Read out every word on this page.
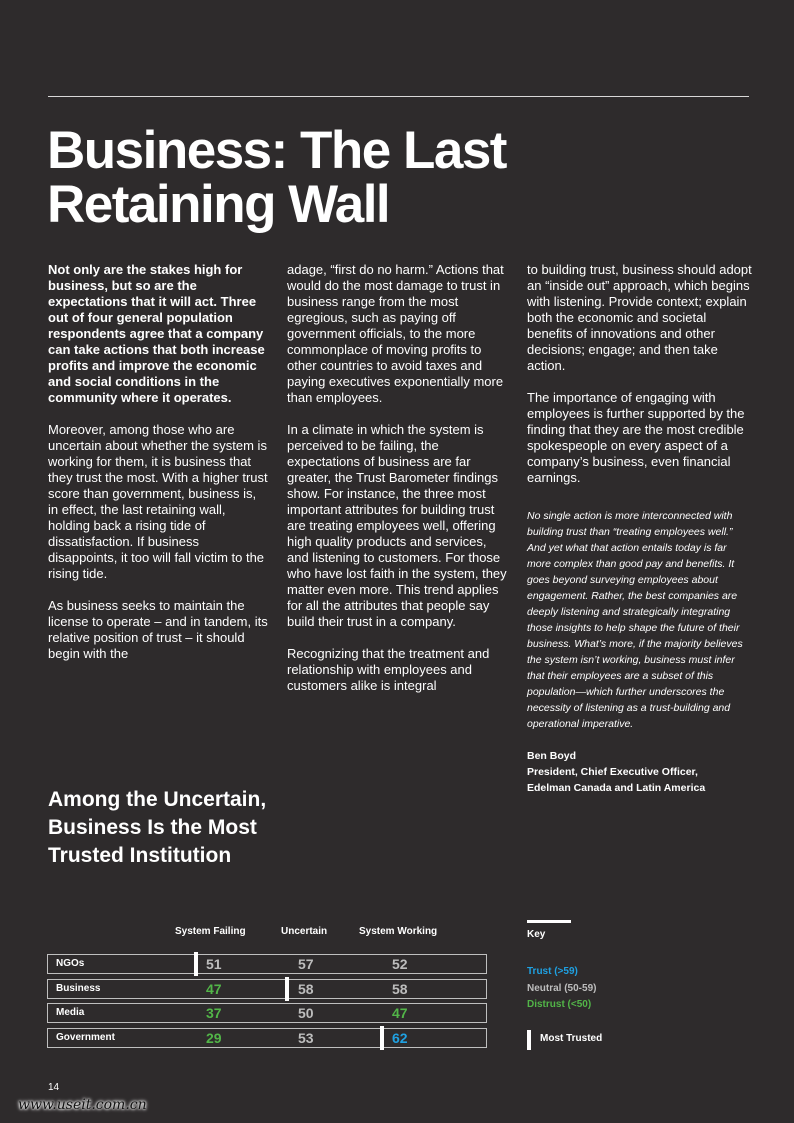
Business: The Last
Retaining Wall

Not only are the stakes high for business, but so are the expectations that it will act. Three out of four general population respondents agree that a company can take actions that both increase profits and improve the economic and social conditions in the community where it operates.

Moreover, among those who are uncertain about whether the system is working for them, it is business that they trust the most. With a higher trust score than government, business is, in effect, the last retaining wall, holding back a rising tide of dissatisfaction. If business disappoints, it too will fall victim to the rising tide.

As business seeks to maintain the license to operate – and in tandem, its relative position of trust – it should begin with the

adage, “first do no harm.” Actions that would do the most damage to trust in business range from the most egregious, such as paying off government officials, to the more commonplace of moving profits to other countries to avoid taxes and paying executives exponentially more than employees.

In a climate in which the system is perceived to be failing, the expectations of business are far greater, the Trust Barometer findings show. For instance, the three most important attributes for building trust are treating employees well, offering high quality products and services, and listening to customers. For those who have lost faith in the system, they matter even more. This trend applies for all the attributes that people say build their trust in a company.

Recognizing that the treatment and relationship with employees and customers alike is integral

to building trust, business should adopt an “inside out” approach, which begins with listening. Provide context; explain both the economic and societal benefits of innovations and other decisions; engage; and then take action.

The importance of engaging with employees is further supported by the finding that they are the most credible spokespeople on every aspect of a company’s business, even financial earnings.

No single action is more interconnected with building trust than “treating employees well.” And yet what that action entails today is far more complex than good pay and benefits. It goes beyond surveying employees about engagement. Rather, the best companies are deeply listening and strategically integrating those insights to help shape the future of their business. What’s more, if the majority believes the system isn’t working, business must infer that their employees are a subset of this population—which further underscores the necessity of listening as a trust-building and operational imperative.

Ben Boyd
President, Chief Executive Officer,
Edelman Canada and Latin America

Among the Uncertain, Business Is the Most Trusted Institution
System Failing	Uncertain	System Working
NGOs	51	57	52
Business	47	58	58
Media	37	50	47
Government	29	53	62
Key
Trust (>59)
Neutral (50-59)
Distrust (<50)
Most Trusted
14
www.useit.com.cn
